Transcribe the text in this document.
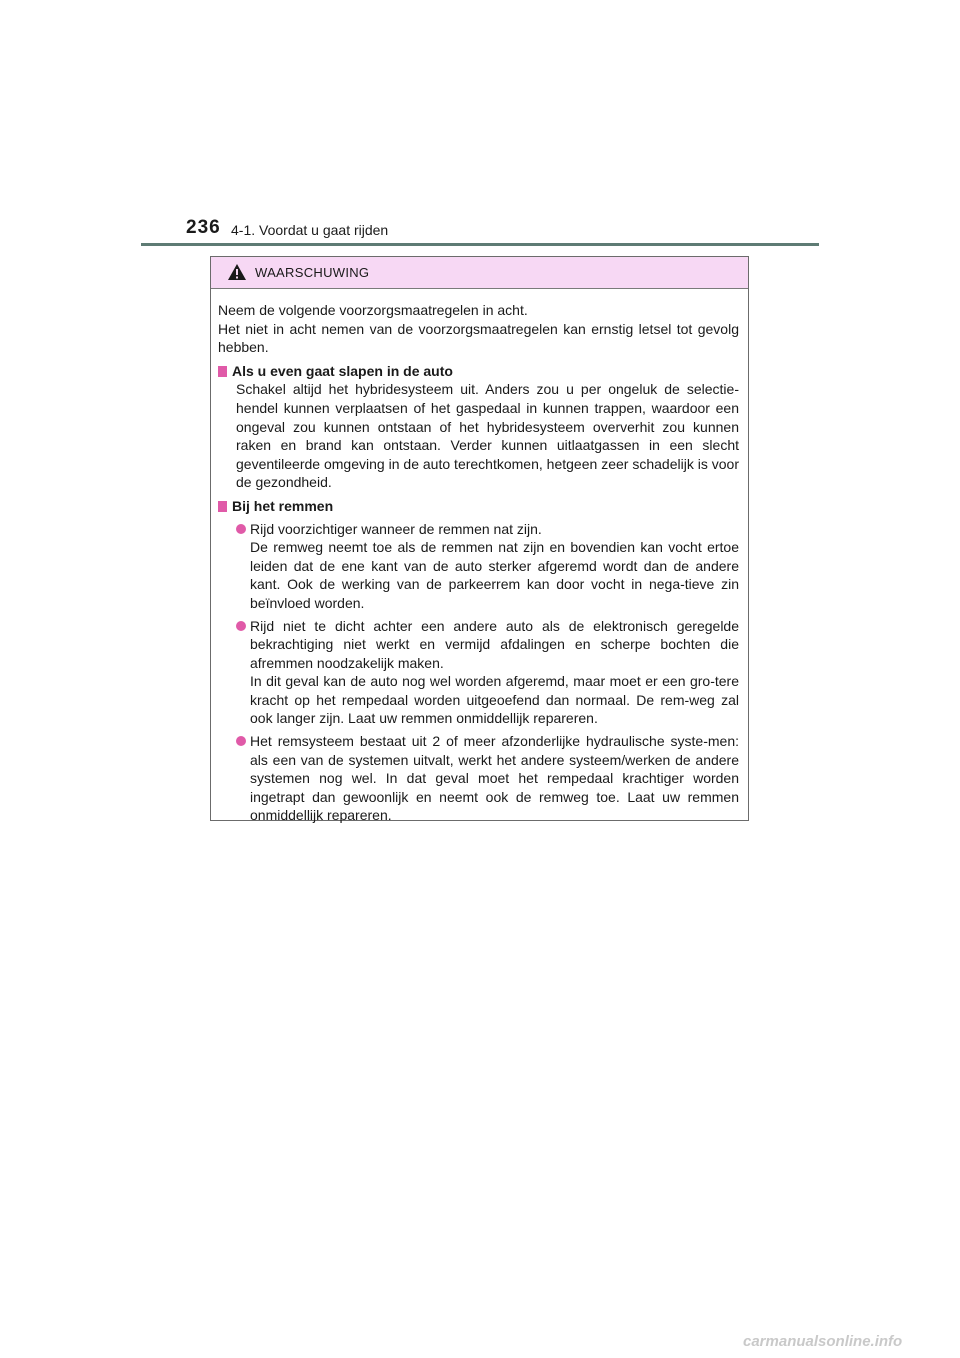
236 4-1. Voordat u gaat rijden
WAARSCHUWING

Neem de volgende voorzorgsmaatregelen in acht.

Het niet in acht nemen van de voorzorgsmaatregelen kan ernstig letsel tot gevolg hebben.

Als u even gaat slapen in de auto

Schakel altijd het hybridesysteem uit. Anders zou u per ongeluk de selectie-hendel kunnen verplaatsen of het gaspedaal in kunnen trappen, waardoor een ongeval zou kunnen ontstaan of het hybridesysteem oververhit zou kunnen raken en brand kan ontstaan. Verder kunnen uitlaatgassen in een slecht geventileerde omgeving in de auto terechtkomen, hetgeen zeer schadelijk is voor de gezondheid.

Bij het remmen

Rijd voorzichtiger wanneer de remmen nat zijn.

De remweg neemt toe als de remmen nat zijn en bovendien kan vocht ertoe leiden dat de ene kant van de auto sterker afgeremd wordt dan de andere kant. Ook de werking van de parkeerrem kan door vocht in nega-tieve zin beïnvloed worden.

Rijd niet te dicht achter een andere auto als de elektronisch geregelde bekrachtiging niet werkt en vermijd afdalingen en scherpe bochten die afremmen noodzakelijk maken.

In dit geval kan de auto nog wel worden afgeremd, maar moet er een gro-tere kracht op het rempedaal worden uitgeoefend dan normaal. De rem-weg zal ook langer zijn. Laat uw remmen onmiddellijk repareren.

Het remsysteem bestaat uit 2 of meer afzonderlijke hydraulische syste-men: als een van de systemen uitvalt, werkt het andere systeem/werken de andere systemen nog wel. In dat geval moet het rempedaal krachtiger worden ingetrapt dan gewoonlijk en neemt ook de remweg toe. Laat uw remmen onmiddellijk repareren.

carmanualsonline.info
